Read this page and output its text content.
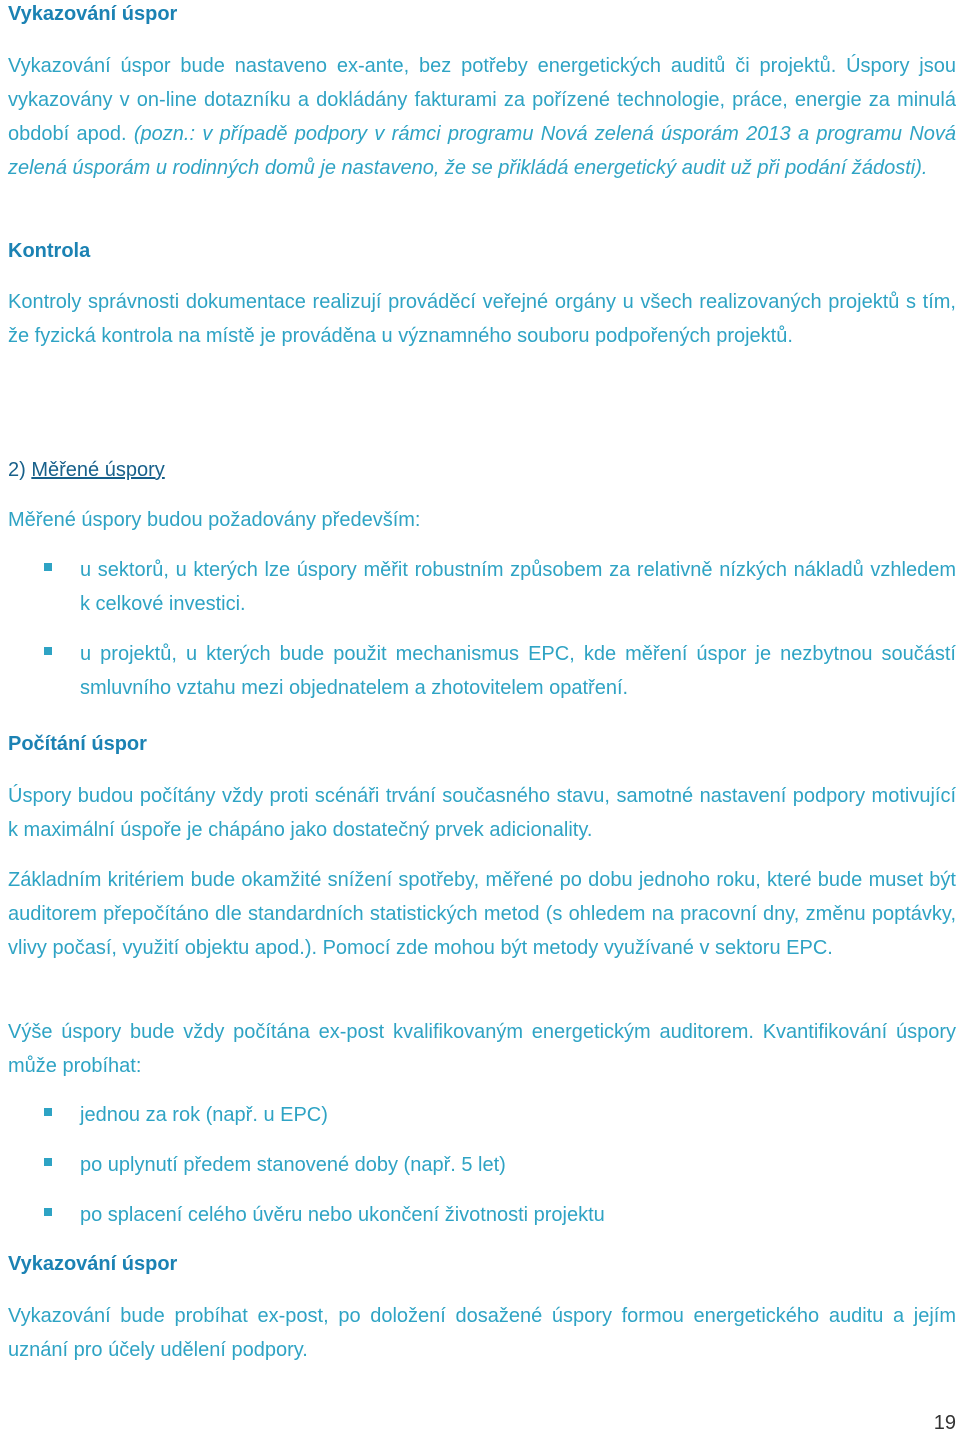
Vykazování úspor

Vykazování úspor bude nastaveno ex-ante, bez potřeby energetických auditů či projektů. Úspory jsou vykazovány v on-line dotazníku a dokládány fakturami za pořízené technologie, práce, energie za minulá období apod. (pozn.: v případě podpory v rámci programu Nová zelená úsporám 2013 a programu Nová zelená úsporám u rodinných domů je nastaveno, že se přikládá energetický audit už při podání žádosti).

Kontrola

Kontroly správnosti dokumentace realizují prováděcí veřejné orgány u všech realizovaných projektů s tím, že fyzická kontrola na místě je prováděna u významného souboru podpořených projektů.

2) Měřené úspory

Měřené úspory budou požadovány především:

u sektorů, u kterých lze úspory měřit robustním způsobem za relativně nízkých nákladů vzhledem k celkové investici.
u projektů, u kterých bude použit mechanismus EPC, kde měření úspor je nezbytnou součástí smluvního vztahu mezi objednatelem a zhotovitelem opatření.
Počítání úspor

Úspory budou počítány vždy proti scénáři trvání současného stavu, samotné nastavení podpory motivující k maximální úspoře je chápáno jako dostatečný prvek adicionality.

Základním kritériem bude okamžité snížení spotřeby, měřené po dobu jednoho roku, které bude muset být auditorem přepočítáno dle standardních statistických metod (s ohledem na pracovní dny, změnu poptávky, vlivy počasí, využití objektu apod.). Pomocí zde mohou být metody využívané v sektoru EPC.

Výše úspory bude vždy počítána ex-post kvalifikovaným energetickým auditorem. Kvantifikování úspory může probíhat:

jednou za rok (např. u EPC)
po uplynutí předem stanovené doby (např. 5 let)
po splacení celého úvěru nebo ukončení životnosti projektu
Vykazování úspor

Vykazování bude probíhat ex-post, po doložení dosažené úspory formou energetického auditu a jejím uznání pro účely udělení podpory.

19
